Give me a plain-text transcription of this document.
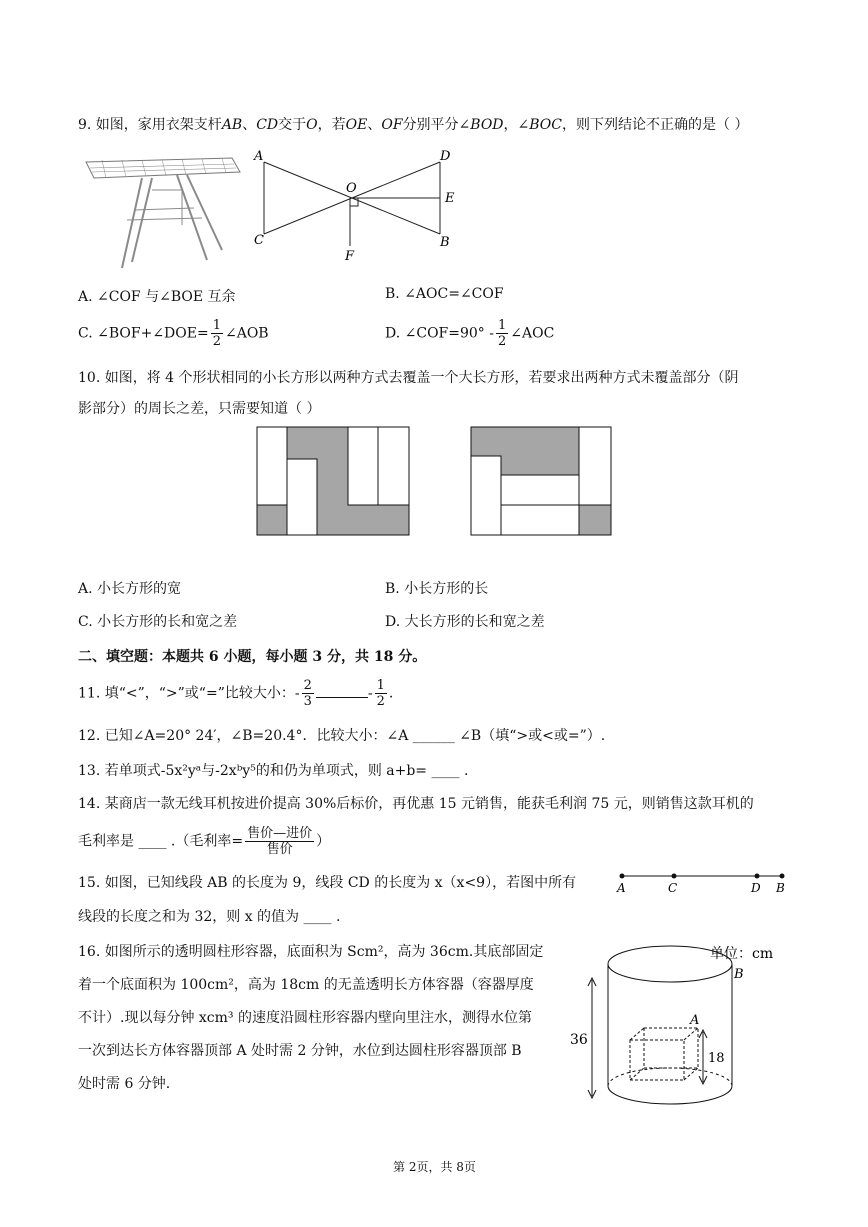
9. 如图，家用衣架支杆AB、CD交于O，若OE、OF分别平分∠BOD，∠BOC，则下列结论不正确的是（ ）
A	D
O
E
C	B
F
A. ∠COF 与∠BOE 互余	B. ∠AOC=∠COF
C. ∠BOF+∠DOE= $\frac{1}{2}$ ∠AOB	D. ∠COF=90° - $\frac{1}{2}$ ∠AOC
10. 如图，将 4 个形状相同的小长方形以两种方式去覆盖一个大长方形，若要求出两种方式未覆盖部分（阴
影部分）的周长之差，只需要知道（ ）
A. 小长方形的宽	B. 小长方形的长
C. 小长方形的长和宽之差	D. 大长方形的长和宽之差
二、填空题：本题共 6 小题，每小题 3 分，共 18 分。
11. 填“<”，“>”或“=”比较大小：- $\frac{2}{3}$	- $\frac{1}{2}$ .
12. 已知∠A=20° 24′，∠B=20.4°．比较大小：∠A ______ ∠B（填“>或<或=”）.
13. 若单项式-5x²yᵃ与-2xᵇy⁵的和仍为单项式，则 a+b= ____ .
14. 某商店一款无线耳机按进价提高 30%后标价，再优惠 15 元销售，能获毛利润 75 元，则销售这款耳机的
毛利率是 ____ .（毛利率= $\frac{\text{售价—进价}}{\text{售价}}$ ）
15. 如图，已知线段 AB 的长度为 9，线段 CD 的长度为 x（x<9），若图中所有
线段的长度之和为 32，则 x 的值为 ____ .
A	C	D B
16. 如图所示的透明圆柱形容器，底面积为 Scm²，高为 36cm.其底部固定
着一个底面积为 100cm²，高为 18cm 的无盖透明长方体容器（容器厚度
不计）.现以每分钟 xcm³ 的速度沿圆柱形容器内壁向里注水，测得水位第
一次到达长方体容器顶部 A 处时需 2 分钟，水位到达圆柱形容器顶部 B
处时需 6 分钟.
单位：cm
B
36
A
18
第 2页，共 8页
